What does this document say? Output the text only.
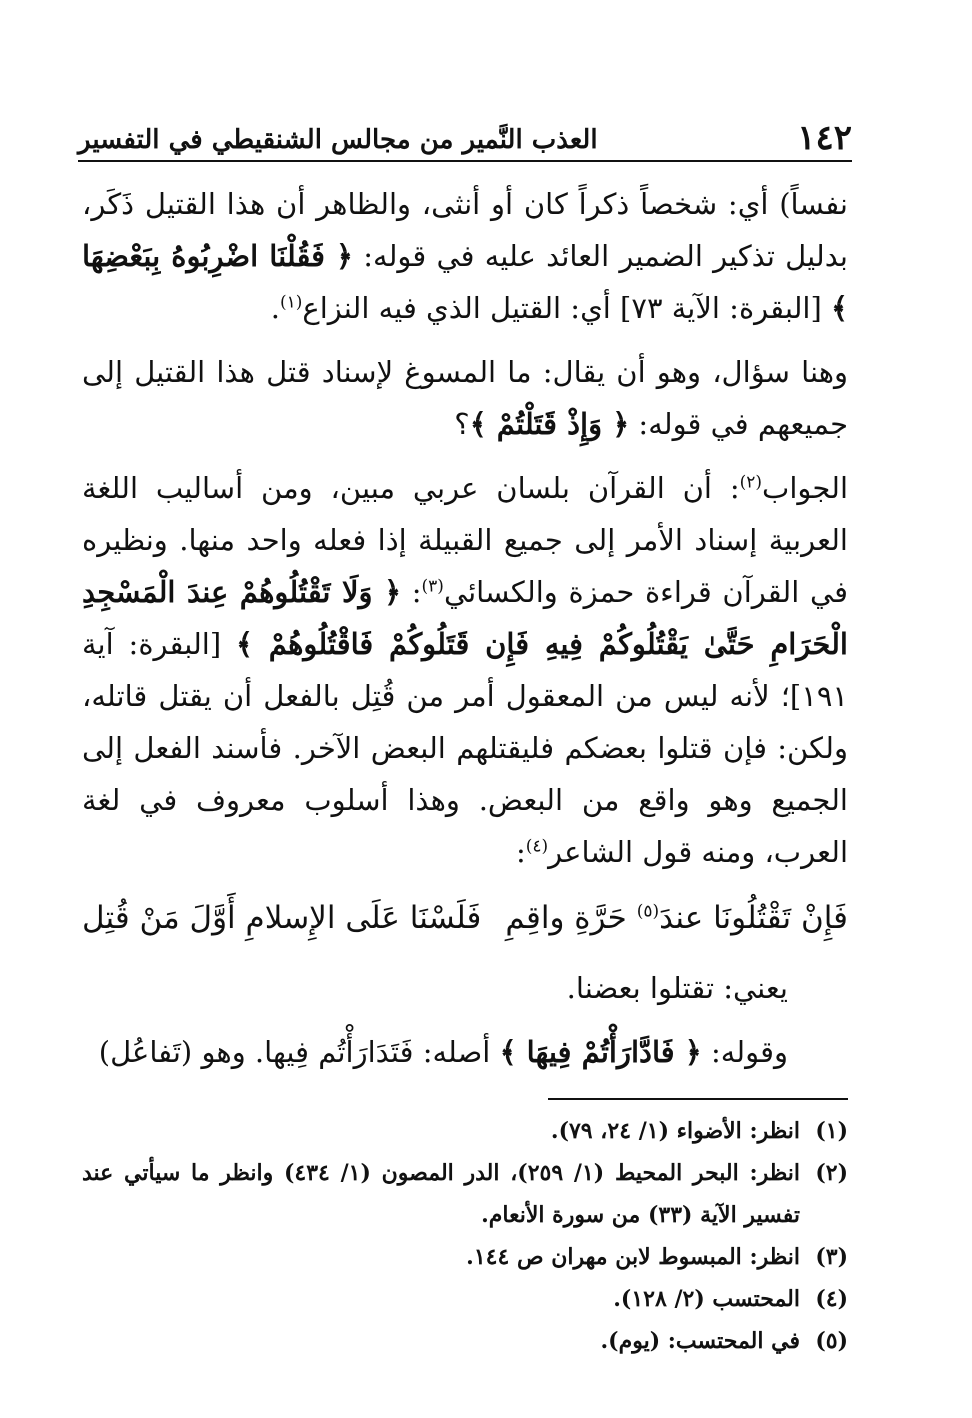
١٤٢
العذب النَّمير من مجالس الشنقيطي في التفسير

نفساً) أي: شخصاً ذكراً كان أو أنثى، والظاهر أن هذا القتيل ذَكَر، بدليل تذكير الضمير العائد عليه في قوله: ﴿ فَقُلْنَا اضْرِبُوهُ بِبَعْضِهَا ﴾ [البقرة: الآية ٧٣] أي: القتيل الذي فيه النزاع$^{(١)}$.

وهنا سؤال، وهو أن يقال: ما المسوغ لإسناد قتل هذا القتيل إلى جميعهم في قوله: ﴿ وَإِذْ قَتَلْتُمْ ﴾؟

الجواب$^{(٢)}$: أن القرآن بلسان عربي مبين، ومن أساليب اللغة العربية إسناد الأمر إلى جميع القبيلة إذا فعله واحد منها. ونظيره في القرآن قراءة حمزة والكسائي$^{(٣)}$: ﴿ وَلَا تَقْتُلُوهُمْ عِندَ الْمَسْجِدِ الْحَرَامِ حَتَّىٰ يَقْتُلُوكُمْ فِيهِ فَإِن قَتَلُوكُمْ فَاقْتُلُوهُمْ ﴾ [البقرة: آية ١٩١]؛ لأنه ليس من المعقول أمر من قُتِل بالفعل أن يقتل قاتله، ولكن: فإن قتلوا بعضكم فليقتلهم البعض الآخر. فأسند الفعل إلى الجميع وهو واقع من البعض. وهذا أسلوب معروف في لغة العرب، ومنه قول الشاعر$^{(٤)}$:

فَإِنْ تَقْتُلُونَا عندَ$^{(٥)}$ حَرَّةِ واقِمِ
فَلَسْنَا عَلَى الإِسلامِ أَوَّلَ مَنْ قُتِل

يعني: تقتلوا بعضنا.

وقوله: ﴿ فَادَّارَأْتُمْ فِيهَا ﴾ أصله: فَتَدَارَأْتُم فِيها. وهو (تَفاعُل)

(١)انظر: الأضواء (١/ ٢٤، ٧٩).
(٢)انظر: البحر المحيط (١/ ٢٥٩)، الدر المصون (١/ ٤٣٤) وانظر ما سيأتي عند تفسير الآية (٣٣) من سورة الأنعام.
(٣)انظر: المبسوط لابن مهران ص ١٤٤.
(٤)المحتسب (٢/ ١٢٨).
(٥)في المحتسب: (يوم).
